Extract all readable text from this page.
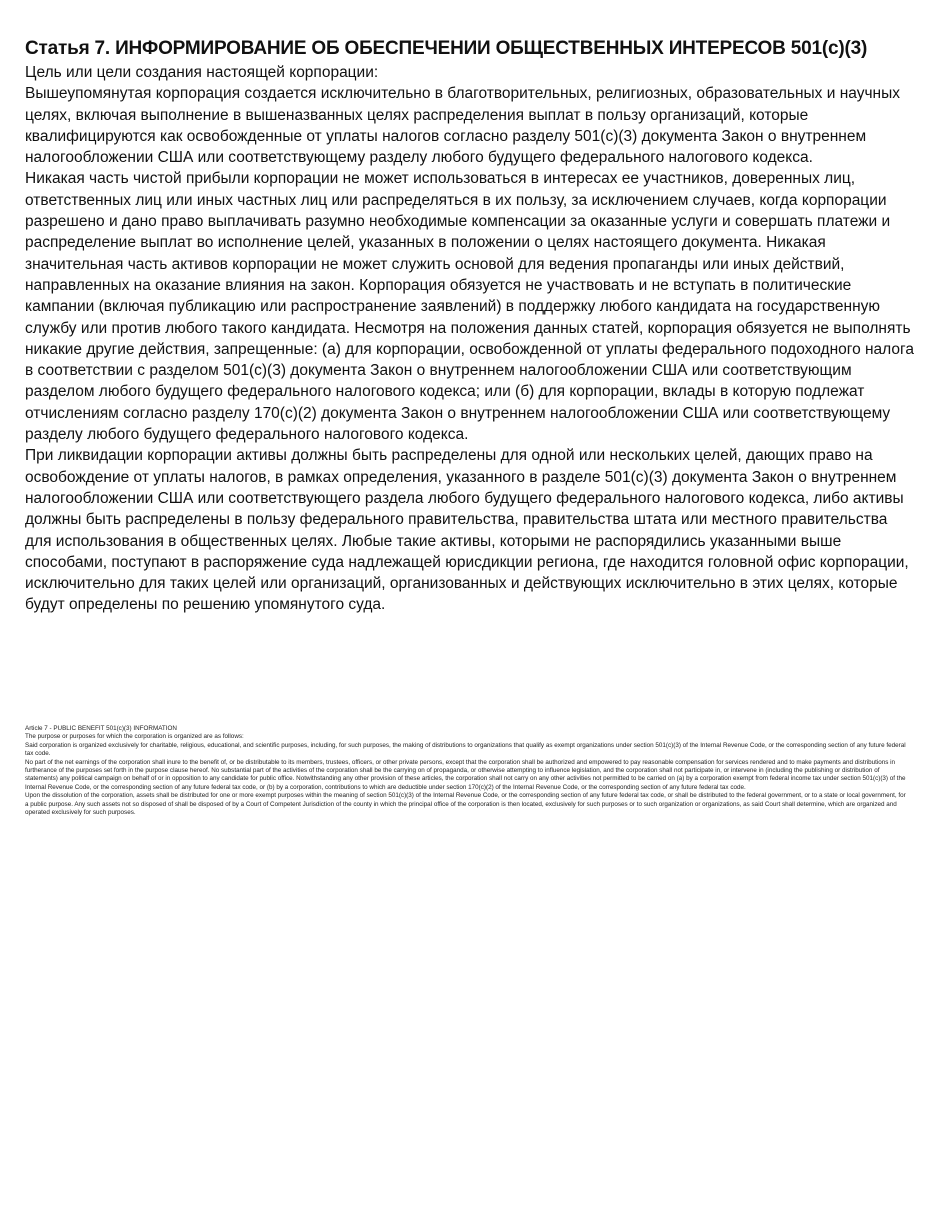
Статья 7. ИНФОРМИРОВАНИЕ ОБ ОБЕСПЕЧЕНИИ ОБЩЕСТВЕННЫХ ИНТЕРЕСОВ 501(c)(3)

Цель или цели создания настоящей корпорации:

Вышеупомянутая корпорация создается исключительно в благотворительных, религиозных, образовательных и научных целях, включая выполнение в вышеназванных целях распределения выплат в пользу организаций, которые квалифицируются как освобожденные от уплаты налогов согласно разделу 501(c)(3) документа Закон о внутреннем налогообложении США или соответствующему разделу любого будущего федерального налогового кодекса.

Никакая часть чистой прибыли корпорации не может использоваться в интересах ее участников, доверенных лиц, ответственных лиц или иных частных лиц или распределяться в их пользу, за исключением случаев, когда корпорации разрешено и дано право выплачивать разумно необходимые компенсации за оказанные услуги и совершать платежи и распределение выплат во исполнение целей, указанных в положении о целях настоящего документа. Никакая значительная часть активов корпорации не может служить основой для ведения пропаганды или иных действий, направленных на оказание влияния на закон. Корпорация обязуется не участвовать и не вступать в политические кампании (включая публикацию или распространение заявлений) в поддержку любого кандидата на государственную службу или против любого такого кандидата. Несмотря на положения данных статей, корпорация обязуется не выполнять никакие другие действия, запрещенные: (а) для корпорации, освобожденной от уплаты федерального подоходного налога в соответствии с разделом 501(c)(3) документа Закон о внутреннем налогообложении США или соответствующим разделом любого будущего федерального налогового кодекса; или (б) для корпорации, вклады в которую подлежат отчислениям согласно разделу 170(c)(2) документа Закон о внутреннем налогообложении США или соответствующему разделу любого будущего федерального налогового кодекса.

При ликвидации корпорации активы должны быть распределены для одной или нескольких целей, дающих право на освобождение от уплаты налогов, в рамках определения, указанного в разделе 501(c)(3) документа Закон о внутреннем налогообложении США или соответствующего раздела любого будущего федерального налогового кодекса, либо активы должны быть распределены в пользу федерального правительства, правительства штата или местного правительства для использования в общественных целях. Любые такие активы, которыми не распорядились указанными выше способами, поступают в распоряжение суда надлежащей юрисдикции региона, где находится головной офис корпорации, исключительно для таких целей или организаций, организованных и действующих исключительно в этих целях, которые будут определены по решению упомянутого суда.

Article 7 - PUBLIC BENEFIT 501(c)(3) INFORMATION

The purpose or purposes for which the corporation is organized are as follows:

Said corporation is organized exclusively for charitable, religious, educational, and scientific purposes, including, for such purposes, the making of distributions to organizations that qualify as exempt organizations under section 501(c)(3) of the Internal Revenue Code, or the corresponding section of any future federal tax code.

No part of the net earnings of the corporation shall inure to the benefit of, or be distributable to its members, trustees, officers, or other private persons, except that the corporation shall be authorized and empowered to pay reasonable compensation for services rendered and to make payments and distributions in furtherance of the purposes set forth in the purpose clause hereof. No substantial part of the activities of the corporation shall be the carrying on of propaganda, or otherwise attempting to influence legislation, and the corporation shall not participate in, or intervene in (including the publishing or distribution of statements) any political campaign on behalf of or in opposition to any candidate for public office. Notwithstanding any other provision of these articles, the corporation shall not carry on any other activities not permitted to be carried on (a) by a corporation exempt from federal income tax under section 501(c)(3) of the Internal Revenue Code, or the corresponding section of any future federal tax code, or (b) by a corporation, contributions to which are deductible under section 170(c)(2) of the Internal Revenue Code, or the corresponding section of any future federal tax code.

Upon the dissolution of the corporation, assets shall be distributed for one or more exempt purposes within the meaning of section 501(c)(3) of the Internal Revenue Code, or the corresponding section of any future federal tax code, or shall be distributed to the federal government, or to a state or local government, for a public purpose. Any such assets not so disposed of shall be disposed of by a Court of Competent Jurisdiction of the county in which the principal office of the corporation is then located, exclusively for such purposes or to such organization or organizations, as said Court shall determine, which are organized and operated exclusively for such purposes.
